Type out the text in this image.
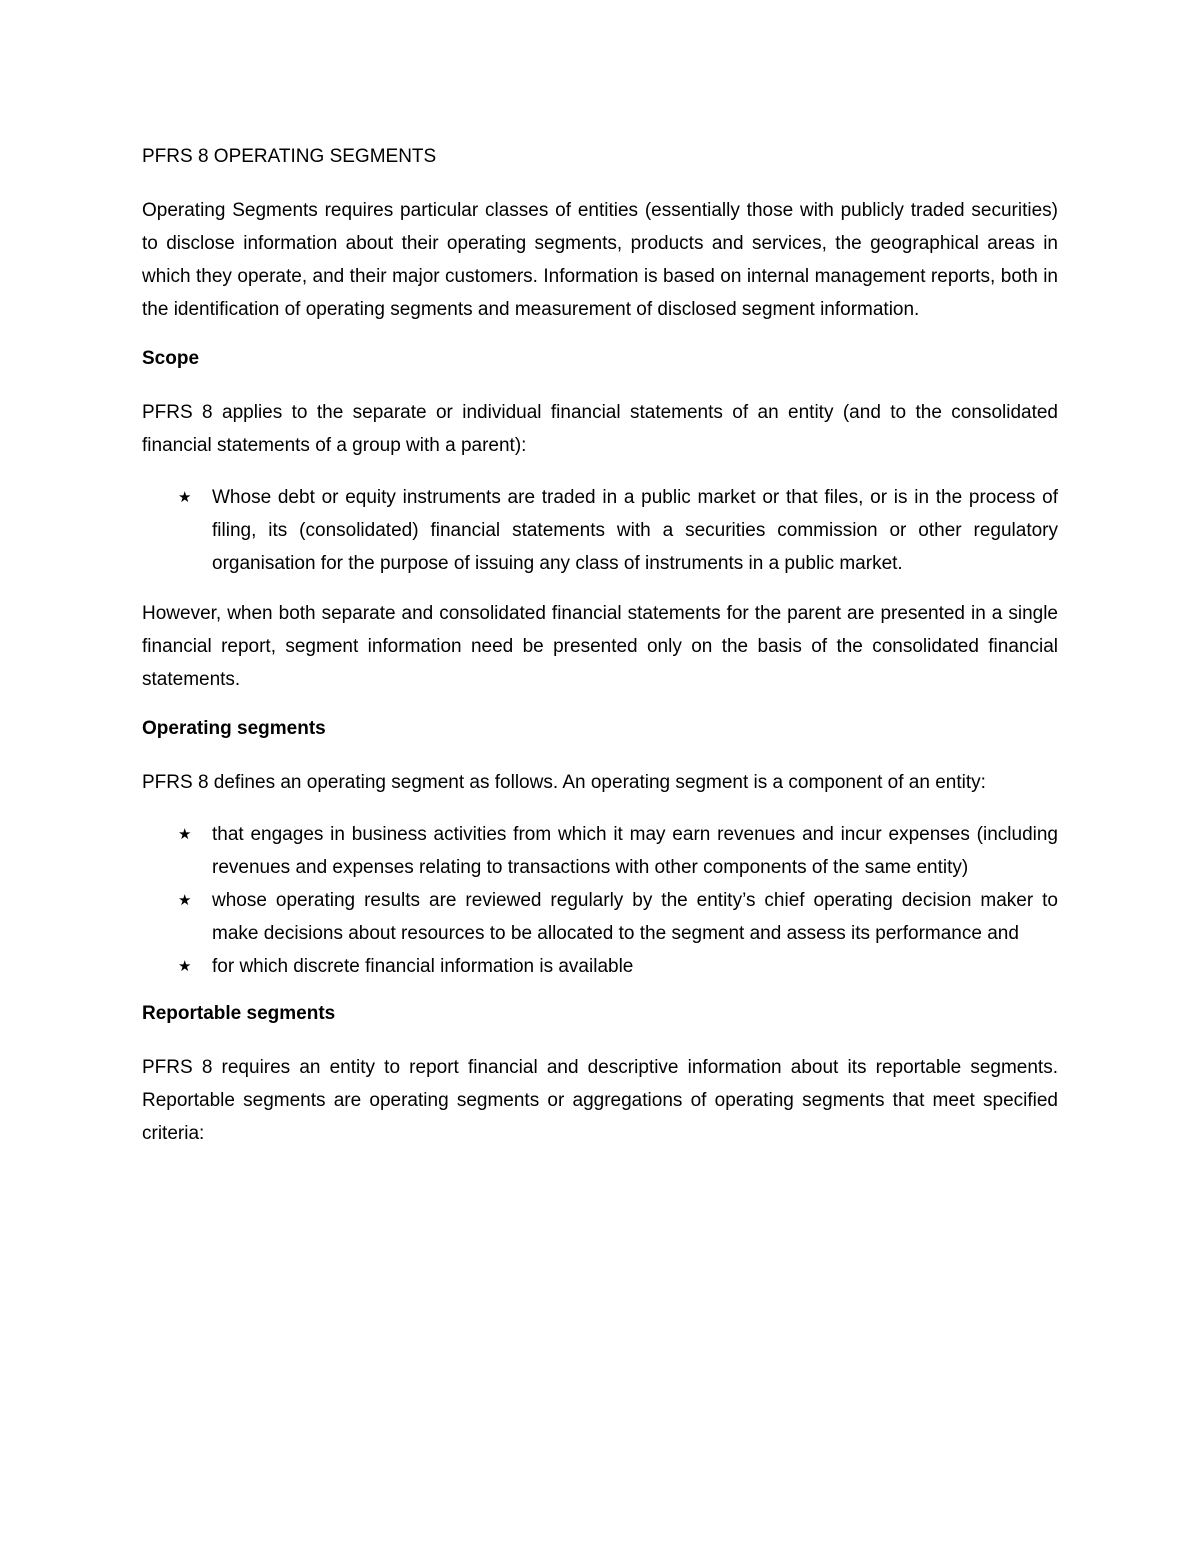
PFRS 8 OPERATING SEGMENTS

Operating Segments requires particular classes of entities (essentially those with publicly traded securities) to disclose information about their operating segments, products and services, the geographical areas in which they operate, and their major customers. Information is based on internal management reports, both in the identification of operating segments and measurement of disclosed segment information.

Scope

PFRS 8 applies to the separate or individual financial statements of an entity (and to the consolidated financial statements of a group with a parent):

★ Whose debt or equity instruments are traded in a public market or that files, or is in the process of filing, its (consolidated) financial statements with a securities commission or other regulatory organisation for the purpose of issuing any class of instruments in a public market.

However, when both separate and consolidated financial statements for the parent are presented in a single financial report, segment information need be presented only on the basis of the consolidated financial statements.

Operating segments

PFRS 8 defines an operating segment as follows. An operating segment is a component of an entity:

★ that engages in business activities from which it may earn revenues and incur expenses (including revenues and expenses relating to transactions with other components of the same entity)
★ whose operating results are reviewed regularly by the entity’s chief operating decision maker to make decisions about resources to be allocated to the segment and assess its performance and
★ for which discrete financial information is available
Reportable segments

PFRS 8 requires an entity to report financial and descriptive information about its reportable segments. Reportable segments are operating segments or aggregations of operating segments that meet specified criteria:
